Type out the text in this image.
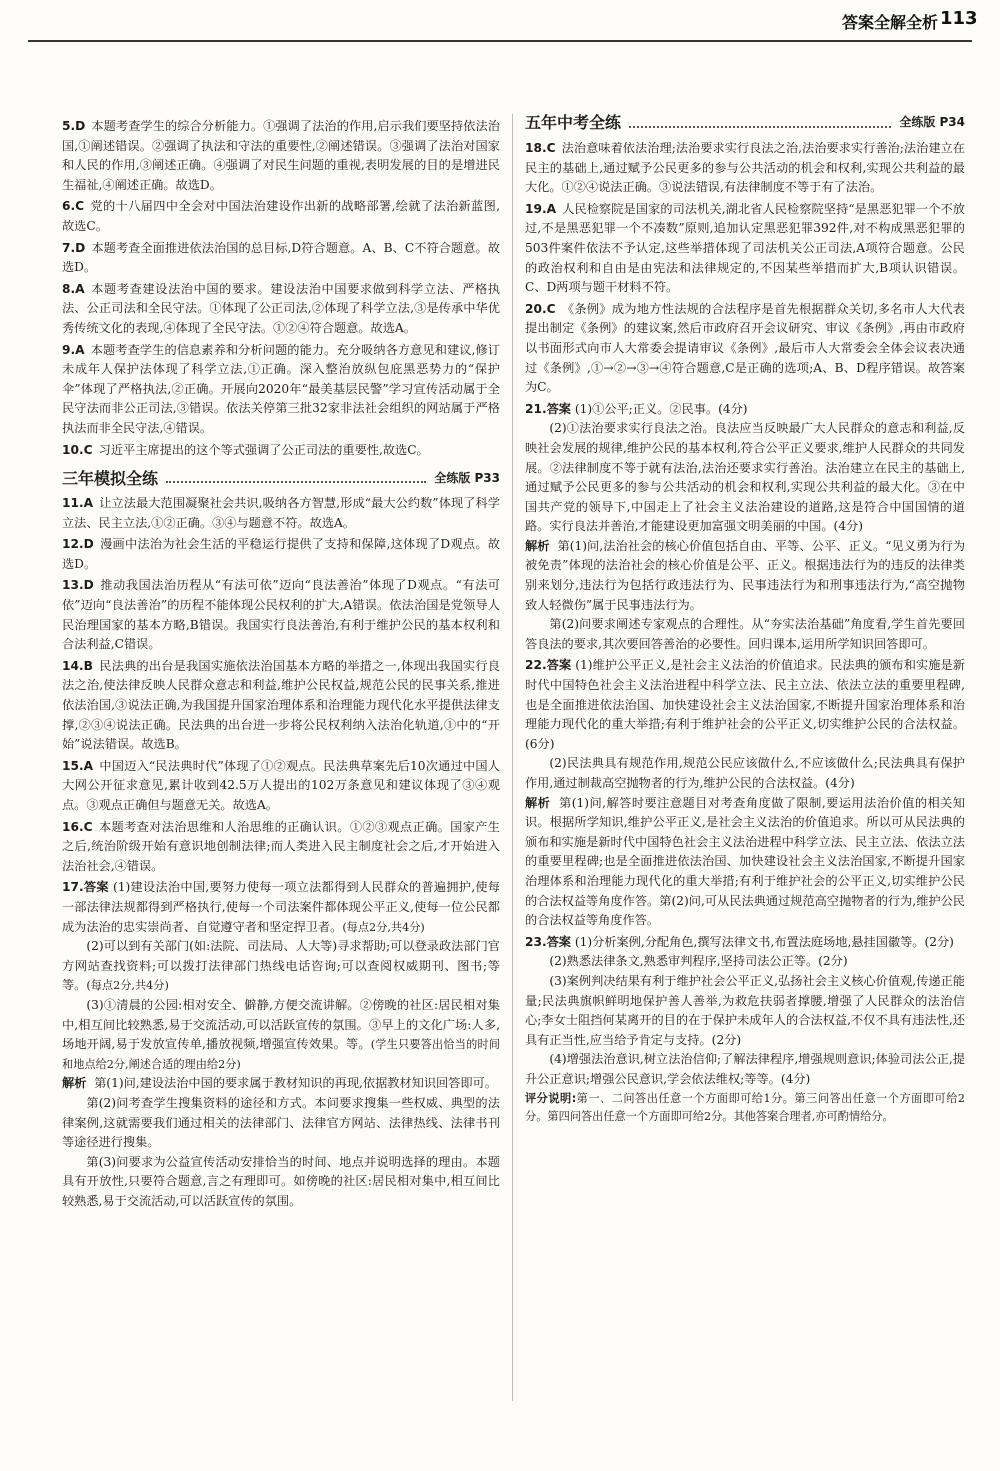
答案全解全析 113
5.D  本题考查学生的综合分析能力。①强调了法治的作用,启示我们要坚持依法治国,①阐述错误。②强调了执法和守法的重要性,②阐述错误。③强调了法治对国家和人民的作用,③阐述正确。④强调了对民生问题的重视,表明发展的目的是增进民生福祉,④阐述正确。故选D。
6.C  党的十八届四中全会对中国法治建设作出新的战略部署,绘就了法治新蓝图,故选C。
7.D  本题考查全面推进依法治国的总目标,D符合题意。A、B、C不符合题意。故选D。
8.A  本题考查建设法治中国的要求。建设法治中国要求做到科学立法、严格执法、公正司法和全民守法。①体现了公正司法,②体现了科学立法,③是传承中华优秀传统文化的表现,④体现了全民守法。①②④符合题意。故选A。
9.A  本题考查学生的信息素养和分析问题的能力。充分吸纳各方意见和建议,修订未成年人保护法体现了科学立法,①正确。深入整治放纵包庇黑恶势力的“保护伞”体现了严格执法,②正确。开展向2020年“最美基层民警”学习宣传活动属于全民守法而非公正司法,③错误。依法关停第三批32家非法社会组织的网站属于严格执法而非全民守法,④错误。
10.C  习近平主席提出的这个等式强调了公正司法的重要性,故选C。
三年模拟全练	全练版 P33
11.A  让立法最大范围凝聚社会共识,吸纳各方智慧,形成“最大公约数”体现了科学立法、民主立法,①②正确。③④与题意不符。故选A。
12.D  漫画中法治为社会生活的平稳运行提供了支持和保障,这体现了D观点。故选D。
13.D  推动我国法治历程从“有法可依”迈向“良法善治”体现了D观点。“有法可依”迈向“良法善治”的历程不能体现公民权利的扩大,A错误。依法治国是党领导人民治理国家的基本方略,B错误。我国实行良法善治,有利于维护公民的基本权利和合法利益,C错误。
14.B  民法典的出台是我国实施依法治国基本方略的举措之一,体现出我国实行良法之治,使法律反映人民群众意志和利益,维护公民权益,规范公民的民事关系,推进依法治国,③说法正确,为我国提升国家治理体系和治理能力现代化水平提供法律支撑,②③④说法正确。民法典的出台进一步将公民权利纳入法治化轨道,①中的“开始”说法错误。故选B。
15.A  中国迈入“民法典时代”体现了①②观点。民法典草案先后10次通过中国人大网公开征求意见,累计收到42.5万人提出的102万条意见和建议体现了③④观点。③观点正确但与题意无关。故选A。
16.C  本题考查对法治思维和人治思维的正确认识。①②③观点正确。国家产生之后,统治阶级开始有意识地创制法律;而人类进入民主制度社会之后,才开始进入法治社会,④错误。
17.答案 (1)建设法治中国,要努力使每一项立法都得到人民群众的普遍拥护,使每一部法律法规都得到严格执行,使每一个司法案件都体现公平正义,使每一位公民都成为法治的忠实崇尚者、自觉遵守者和坚定捍卫者。(每点2分,共4分)

(2)可以到有关部门(如:法院、司法局、人大等)寻求帮助;可以登录政法部门官方网站查找资料;可以拨打法律部门热线电话咨询;可以查阅权威期刊、图书;等等。(每点2分,共4分)

(3)①清晨的公园:相对安全、僻静,方便交流讲解。②傍晚的社区:居民相对集中,相互间比较熟悉,易于交流活动,可以活跃宣传的氛围。③早上的文化广场:人多,场地开阔,易于发放宣传单,播放视频,增强宣传效果。等。(学生只要答出恰当的时间和地点给2分,阐述合适的理由给2分)

解析 第(1)问,建设法治中国的要求属于教材知识的再现,依据教材知识回答即可。

第(2)问考查学生搜集资料的途径和方式。本问要求搜集一些权威、典型的法律案例,这就需要我们通过相关的法律部门、法律官方网站、法律热线、法律书刊等途径进行搜集。

第(3)问要求为公益宣传活动安排恰当的时间、地点并说明选择的理由。本题具有开放性,只要符合题意,言之有理即可。如傍晚的社区:居民相对集中,相互间比较熟悉,易于交流活动,可以活跃宣传的氛围。

五年中考全练	全练版 P34
18.C  法治意味着依法治理;法治要求实行良法之治,法治要求实行善治;法治建立在民主的基础上,通过赋予公民更多的参与公共活动的机会和权利,实现公共利益的最大化。①②④说法正确。③说法错误,有法律制度不等于有了法治。
19.A  人民检察院是国家的司法机关,湖北省人民检察院坚持“是黑恶犯罪一个不放过,不是黑恶犯罪一个不凑数”原则,追加认定黑恶犯罪392件,对不构成黑恶犯罪的503件案件依法不予认定,这些举措体现了司法机关公正司法,A项符合题意。公民的政治权利和自由是由宪法和法律规定的,不因某些举措而扩大,B项认识错误。C、D两项与题干材料不符。
20.C  《条例》成为地方性法规的合法程序是首先根据群众关切,多名市人大代表提出制定《条例》的建议案,然后市政府召开会议研究、审议《条例》,再由市政府以书面形式向市人大常委会提请审议《条例》,最后市人大常委会全体会议表决通过《条例》,①→②→③→④符合题意,C是正确的选项;A、B、D程序错误。故答案为C。
21.答案 (1)①公平;正义。②民事。(4分)

(2)①法治要求实行良法之治。良法应当反映最广大人民群众的意志和利益,反映社会发展的规律,维护公民的基本权利,符合公平正义要求,维护人民群众的共同发展。②法律制度不等于就有法治,法治还要求实行善治。法治建立在民主的基础上,通过赋予公民更多的参与公共活动的机会和权利,实现公共利益的最大化。③在中国共产党的领导下,中国走上了社会主义法治建设的道路,这是符合中国国情的道路。实行良法并善治,才能建设更加富强文明美丽的中国。(4分)

解析 第(1)问,法治社会的核心价值包括自由、平等、公平、正义。“见义勇为行为被免责”体现的法治社会的核心价值是公平、正义。根据违法行为的违反的法律类别来划分,违法行为包括行政违法行为、民事违法行为和刑事违法行为,“高空抛物致人轻微伤”属于民事违法行为。

第(2)问要求阐述专家观点的合理性。从“夯实法治基础”角度看,学生首先要回答良法的要求,其次要回答善治的必要性。回归课本,运用所学知识回答即可。

22.答案 (1)维护公平正义,是社会主义法治的价值追求。民法典的颁布和实施是新时代中国特色社会主义法治进程中科学立法、民主立法、依法立法的重要里程碑,也是全面推进依法治国、加快建设社会主义法治国家,不断提升国家治理体系和治理能力现代化的重大举措;有利于维护社会的公平正义,切实维护公民的合法权益。(6分)

(2)民法典具有规范作用,规范公民应该做什么,不应该做什么;民法典具有保护作用,通过制裁高空抛物者的行为,维护公民的合法权益。(4分)

解析 第(1)问,解答时要注意题目对考查角度做了限制,要运用法治价值的相关知识。根据所学知识,维护公平正义,是社会主义法治的价值追求。所以可从民法典的颁布和实施是新时代中国特色社会主义法治进程中科学立法、民主立法、依法立法的重要里程碑;也是全面推进依法治国、加快建设社会主义法治国家,不断提升国家治理体系和治理能力现代化的重大举措;有利于维护社会的公平正义,切实维护公民的合法权益等角度作答。第(2)问,可从民法典通过规范高空抛物者的行为,维护公民的合法权益等角度作答。
23.答案 (1)分析案例,分配角色,撰写法律文书,布置法庭场地,悬挂国徽等。(2分)

(2)熟悉法律条文,熟悉审判程序,坚持司法公正等。(2分)

(3)案例判决结果有利于维护社会公平正义,弘扬社会主义核心价值观,传递正能量;民法典旗帜鲜明地保护善人善举,为救危扶弱者撑腰,增强了人民群众的法治信心;李女士阻挡何某离开的目的在于保护未成年人的合法权益,不仅不具有违法性,还具有正当性,应当给予肯定与支持。(2分)

(4)增强法治意识,树立法治信仰;了解法律程序,增强规则意识;体验司法公正,提升公正意识;增强公民意识,学会依法维权;等等。(4分)

评分说明:第一、二问答出任意一个方面即可给1分。第三问答出任意一个方面即可给2分。第四问答出任意一个方面即可给2分。其他答案合理者,亦可酌情给分。
